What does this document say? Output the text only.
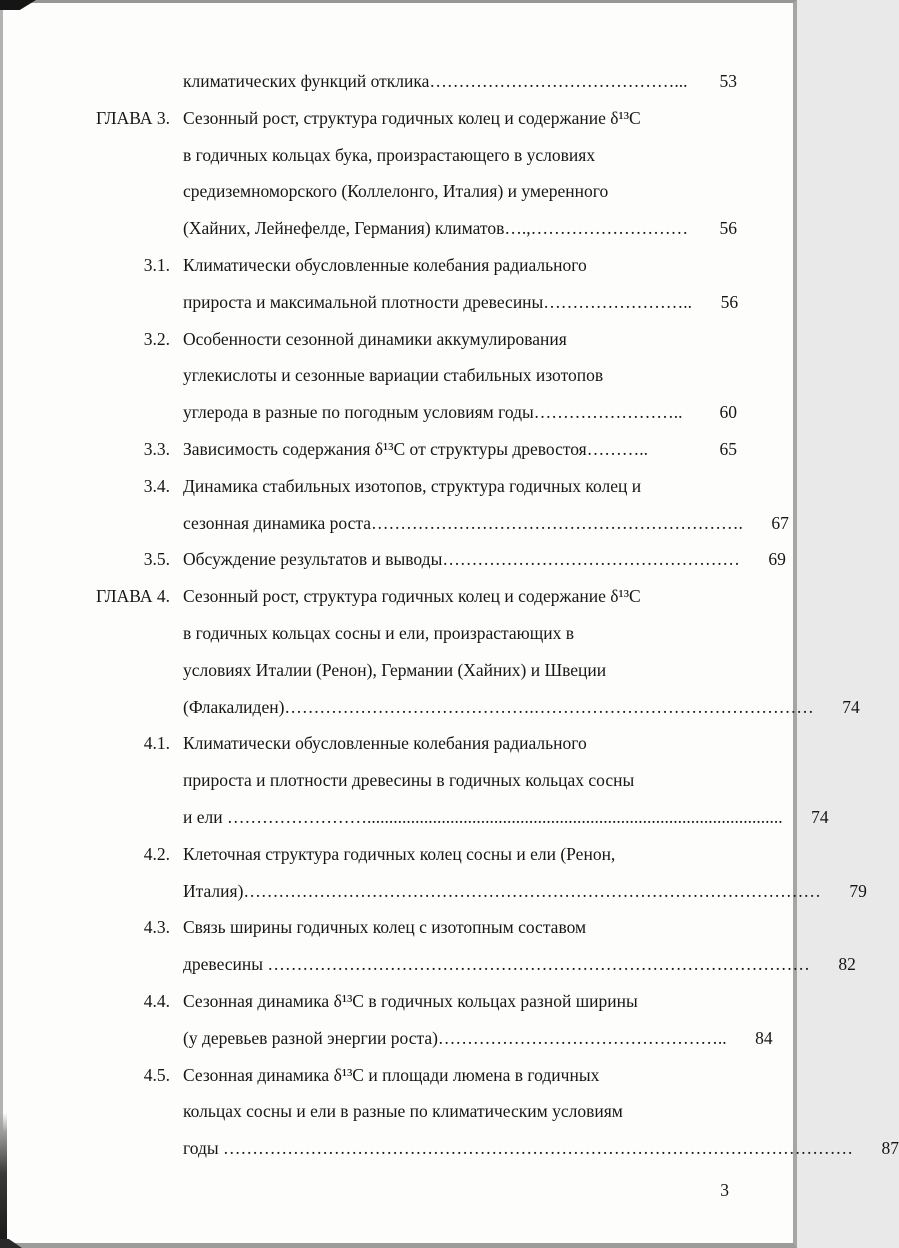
климатических функций отклика……………………………………...	53
ГЛАВА 3. Сезонный рост, структура годичных колец и содержание δ¹³C
в годичных кольцах бука, произрастающего в условиях
средиземноморского (Коллелонго, Италия) и умеренного
(Хайних, Лейнефелде, Германия) климатов….,………………………	56
3.1. Климатически обусловленные колебания радиального
прироста и максимальной плотности древесины……………………..	56
3.2. Особенности сезонной динамики аккумулирования
углекислоты и сезонные вариации стабильных изотопов
углерода в разные по погодным условиям годы……………………..	60
3.3. Зависимость содержания δ¹³C от структуры древостоя………..	65
3.4. Динамика стабильных изотопов, структура годичных колец и
сезонная динамика роста……………………………………………………….	67
3.5. Обсуждение результатов и выводы……………………………………………	69
ГЛАВА 4. Сезонный рост, структура годичных колец и содержание δ¹³C
в годичных кольцах сосны и ели, произрастающих в
условиях Италии (Ренон), Германии (Хайних) и Швеции
(Флакалиден)…………………………………….…………………………………………	74
4.1. Климатически обусловленные колебания радиального
прироста и плотности древесины в годичных кольцах сосны
и ели ……………………...............................................................................................	74
4.2. Клеточная структура годичных колец сосны и ели (Ренон,
Италия)………………………………………………………………………………………	79
4.3. Связь ширины годичных колец с изотопным составом
древесины …………………………………………………………………………………	82
4.4. Сезонная динамика δ¹³C в годичных кольцах разной ширины
(у деревьев разной энергии роста)…………………………………………..	84
4.5. Сезонная динамика δ¹³C и площади люмена в годичных
кольцах сосны и ели в разные по климатическим условиям
годы ………………………………………………………………………………………………	87
3
